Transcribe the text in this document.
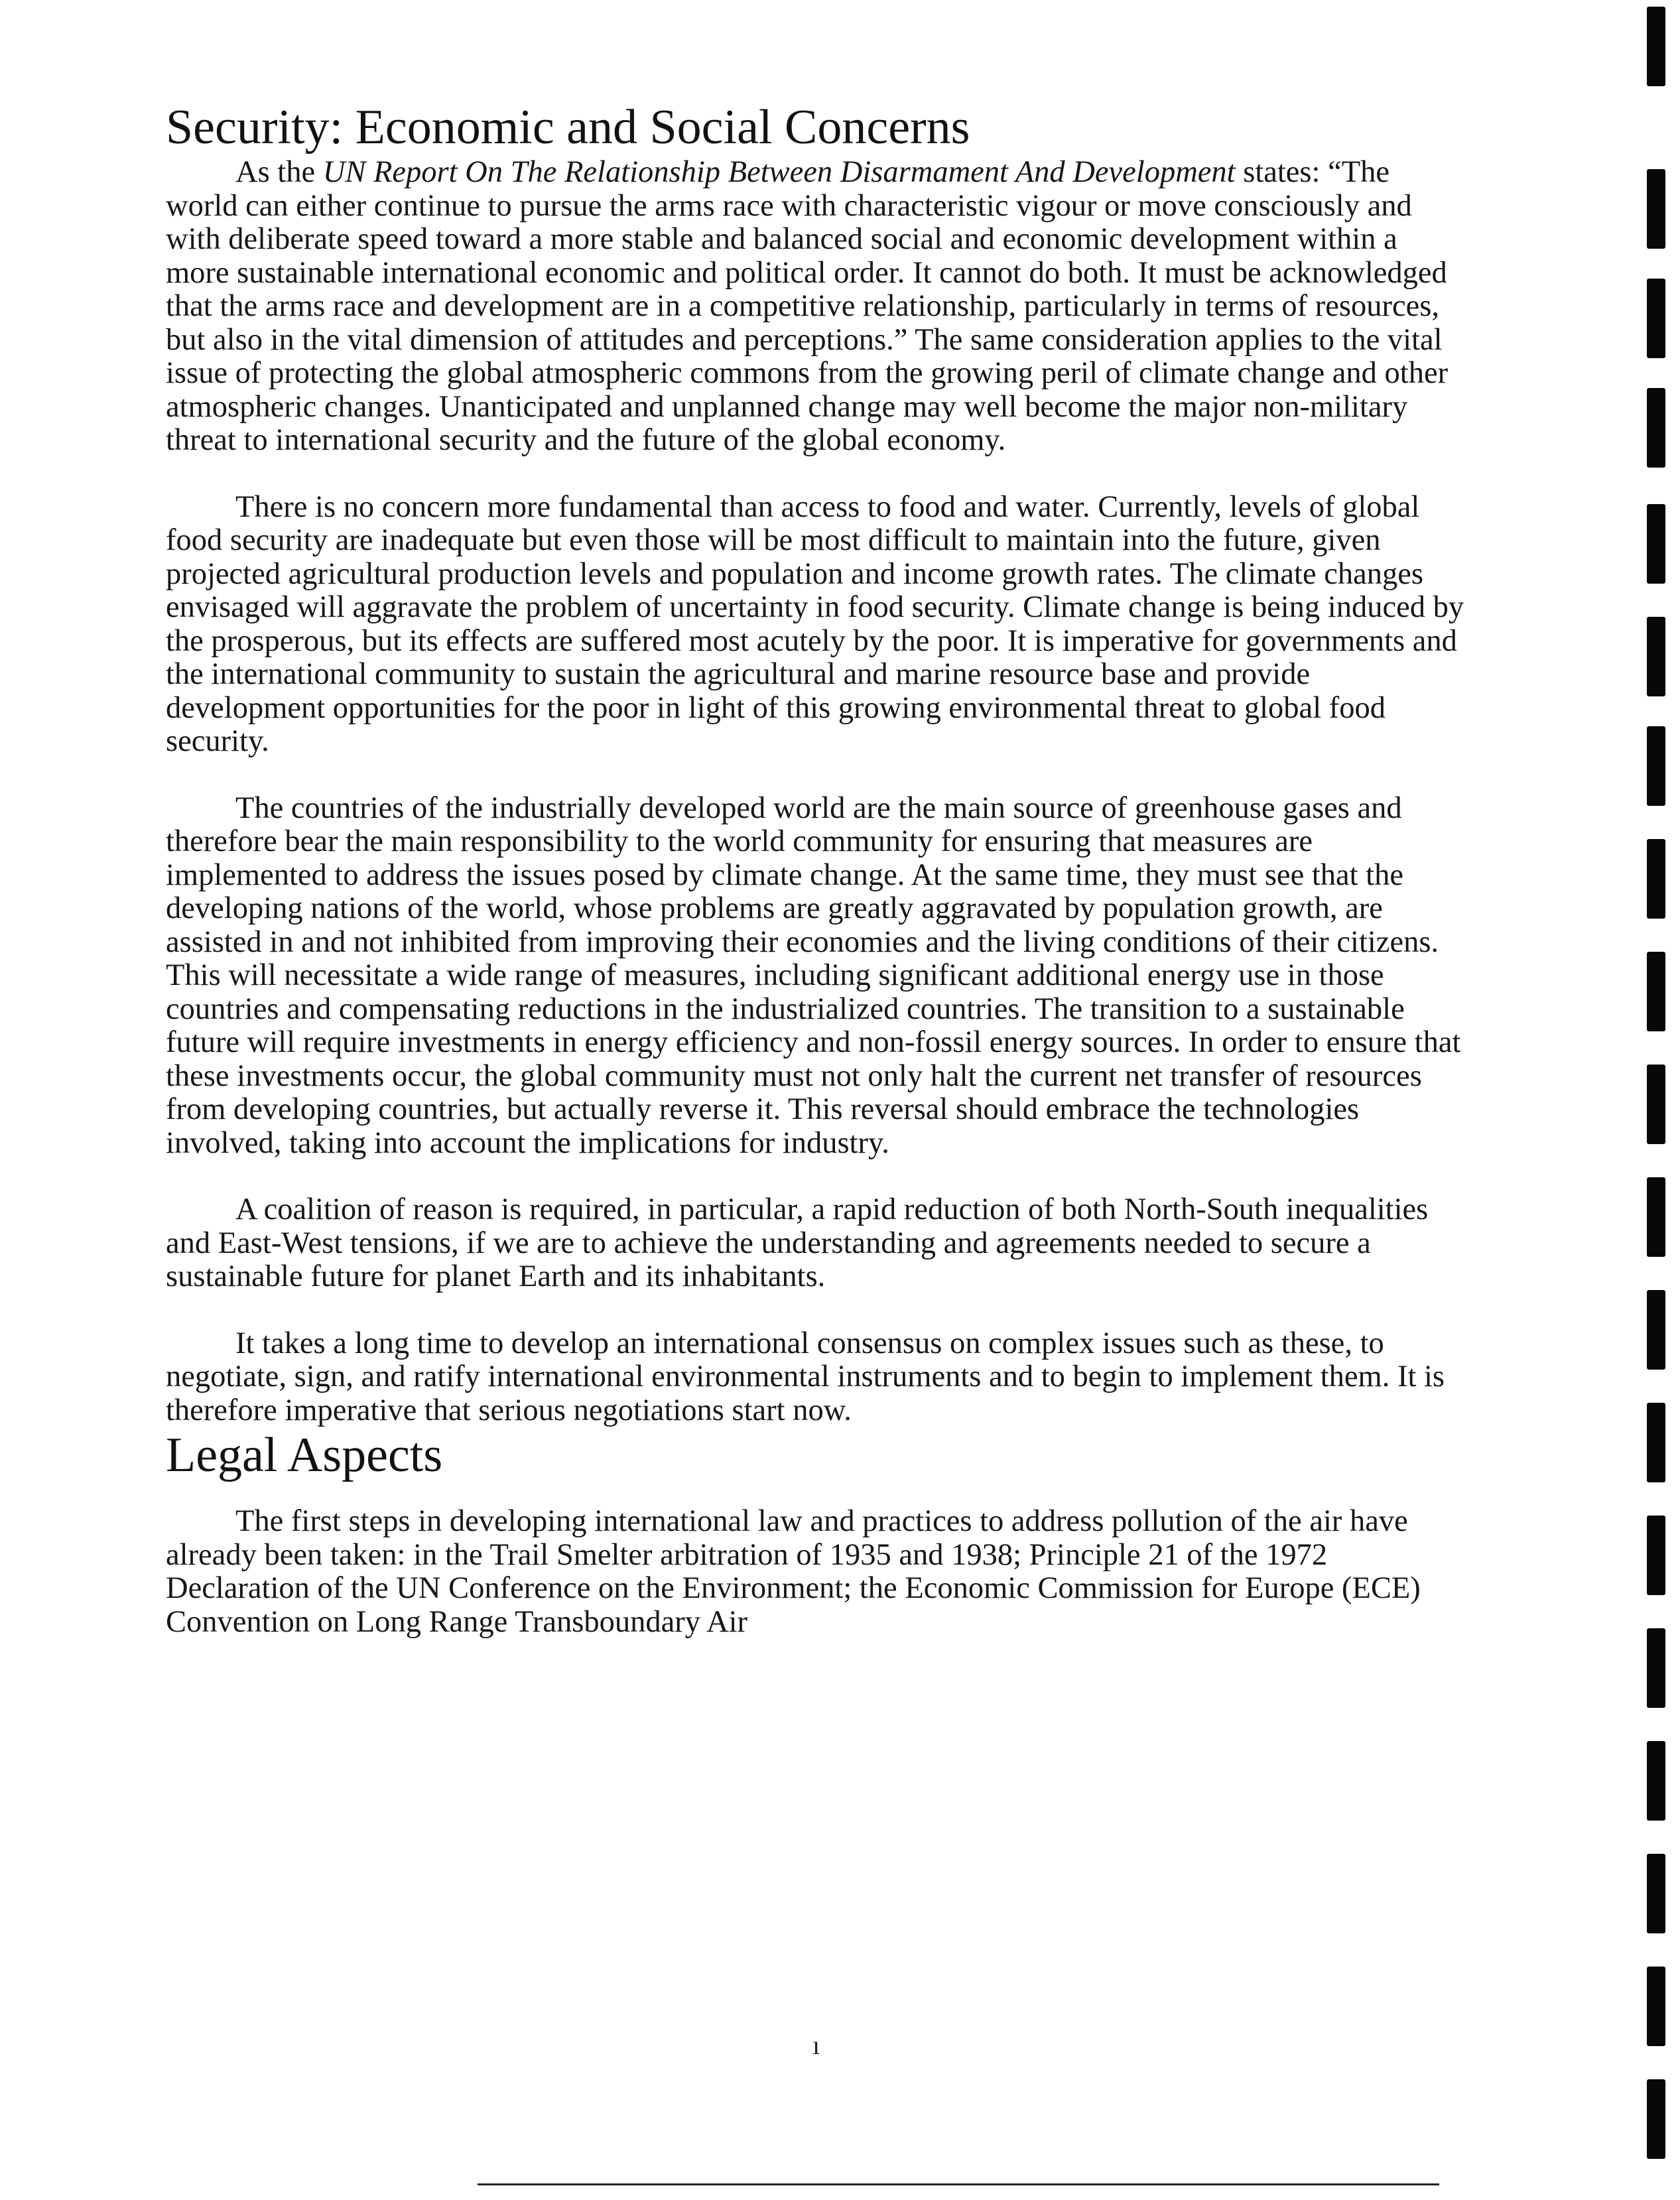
Security: Economic and Social Concerns

As the UN Report On The Relationship Between Disarmament And Development states: “The world can either continue to pursue the arms race with characteristic vigour or move consciously and with deliberate speed toward a more stable and balanced social and economic development within a more sustainable international economic and political order. It cannot do both. It must be acknowledged that the arms race and development are in a competitive relationship, particularly in terms of resources, but also in the vital dimension of attitudes and perceptions.” The same consideration applies to the vital issue of protecting the global atmospheric commons from the growing peril of climate change and other atmospheric changes. Unanticipated and unplanned change may well become the major non-military threat to international security and the future of the global economy.

There is no concern more fundamental than access to food and water. Currently, levels of global food security are inadequate but even those will be most difficult to maintain into the future, given projected agricultural production levels and population and income growth rates. The climate changes envisaged will aggravate the problem of uncertainty in food security. Climate change is being induced by the prosperous, but its effects are suffered most acutely by the poor. It is imperative for governments and the international community to sustain the agricultural and marine resource base and provide development opportunities for the poor in light of this growing environmental threat to global food security.

The countries of the industrially developed world are the main source of greenhouse gases and therefore bear the main responsibility to the world community for ensuring that measures are implemented to address the issues posed by climate change. At the same time, they must see that the developing nations of the world, whose problems are greatly aggravated by population growth, are assisted in and not inhibited from improving their economies and the living conditions of their citizens. This will necessitate a wide range of measures, including significant additional energy use in those countries and compensating reductions in the industrialized countries. The transition to a sustainable future will require investments in energy efficiency and non-fossil energy sources. In order to ensure that these investments occur, the global community must not only halt the current net transfer of resources from developing countries, but actually reverse it. This reversal should embrace the technologies involved, taking into account the implications for industry.

A coalition of reason is required, in particular, a rapid reduction of both North-South inequalities and East-West tensions, if we are to achieve the understanding and agreements needed to secure a sustainable future for planet Earth and its inhabitants.

It takes a long time to develop an international consensus on complex issues such as these, to negotiate, sign, and ratify international environmental instruments and to begin to implement them. It is therefore imperative that serious negotiations start now.

Legal Aspects

The first steps in developing international law and practices to address pollution of the air have already been taken: in the Trail Smelter arbitration of 1935 and 1938; Principle 21 of the 1972 Declaration of the UN Conference on the Environment; the Economic Commission for Europe (ECE) Convention on Long Range Transboundary Air

ı
